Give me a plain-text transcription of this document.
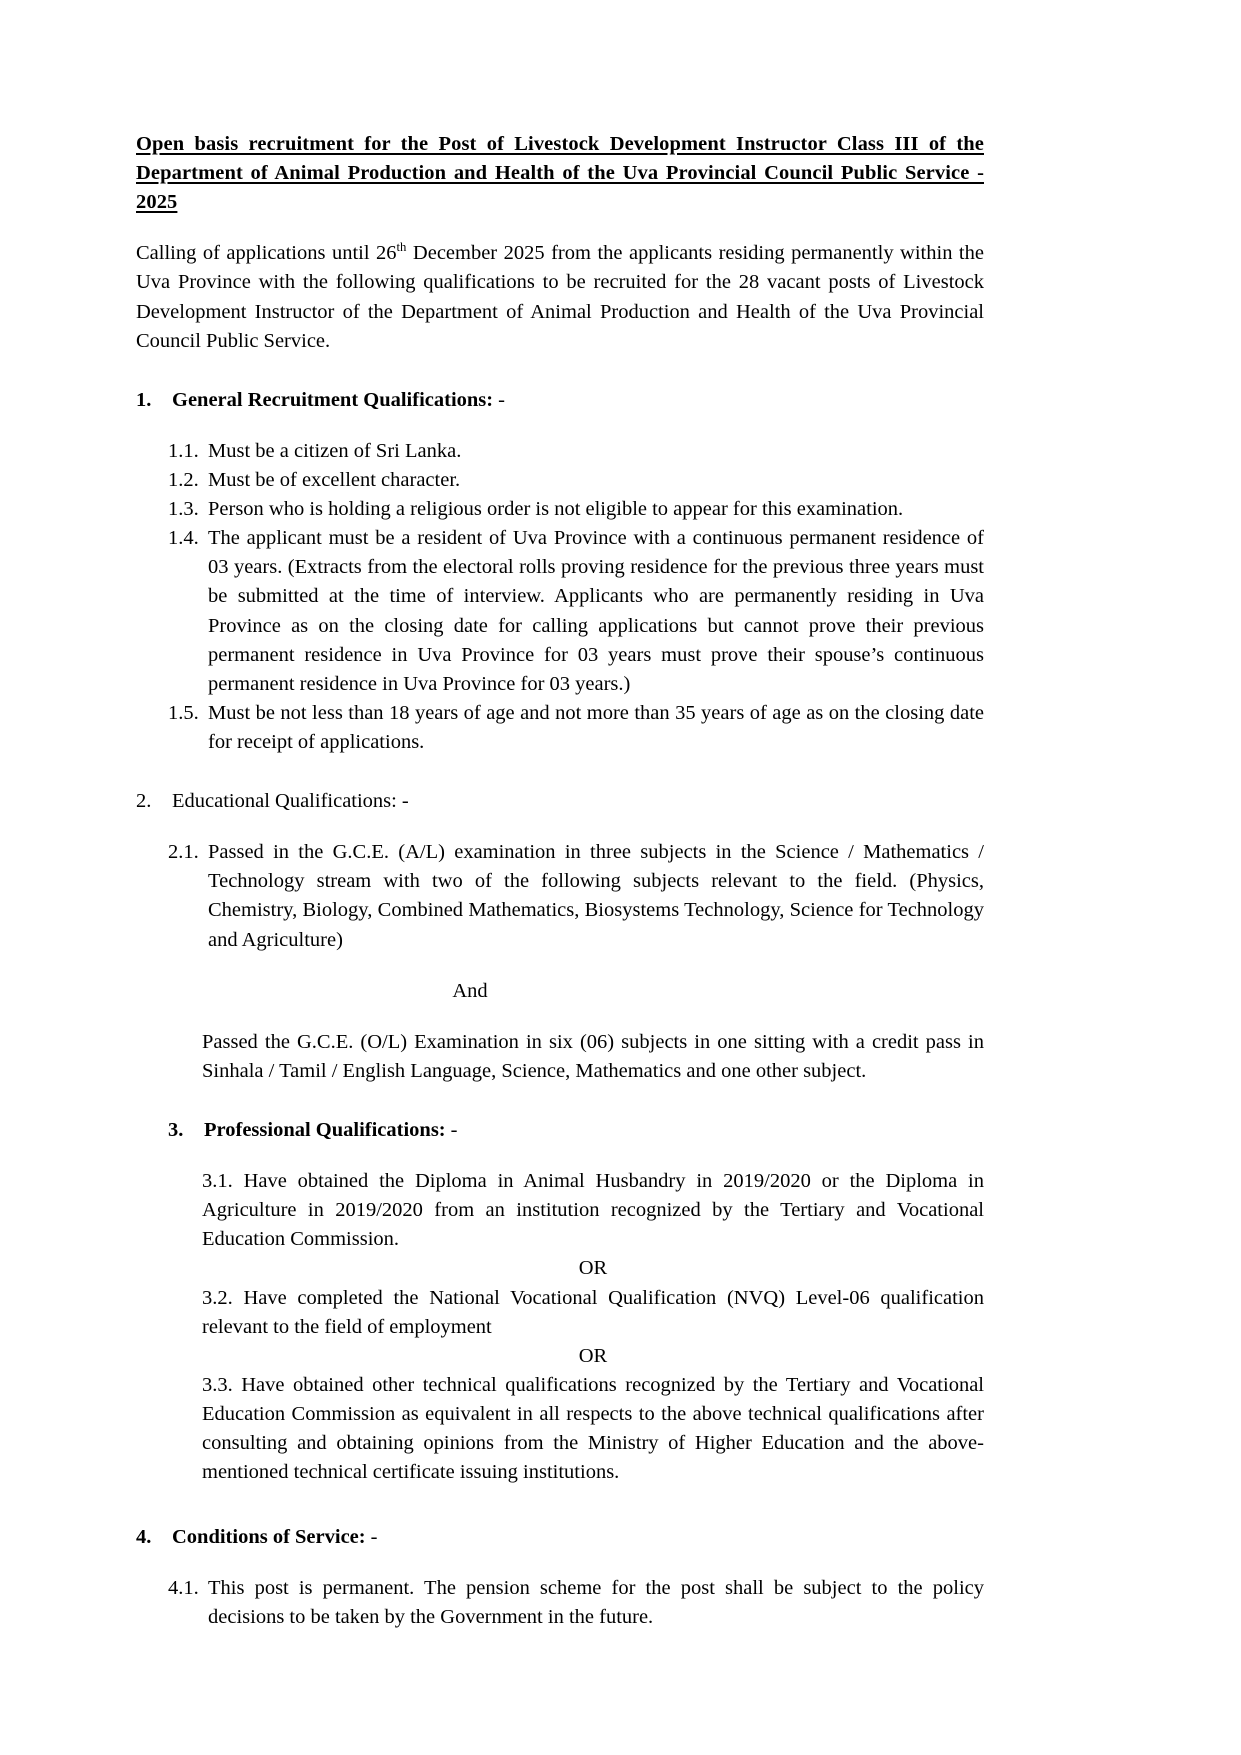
Open basis recruitment for the Post of Livestock Development Instructor Class III of the Department of Animal Production and Health of the Uva Provincial Council Public Service - 2025

Calling of applications until 26th December 2025 from the applicants residing permanently within the Uva Province with the following qualifications to be recruited for the 28 vacant posts of Livestock Development Instructor of the Department of Animal Production and Health of the Uva Provincial Council Public Service.

1.	General Recruitment Qualifications: -
1.1. Must be a citizen of Sri Lanka.
1.2. Must be of excellent character.
1.3. Person who is holding a religious order is not eligible to appear for this examination.
1.4. The applicant must be a resident of Uva Province with a continuous permanent residence of 03 years. (Extracts from the electoral rolls proving residence for the previous three years must be submitted at the time of interview. Applicants who are permanently residing in Uva Province as on the closing date for calling applications but cannot prove their previous permanent residence in Uva Province for 03 years must prove their spouse’s continuous permanent residence in Uva Province for 03 years.)
1.5. Must be not less than 18 years of age and not more than 35 years of age as on the closing date for receipt of applications.
2.	Educational Qualifications: -
2.1. Passed in the G.C.E. (A/L) examination in three subjects in the Science / Mathematics / Technology stream with two of the following subjects relevant to the field. (Physics, Chemistry, Biology, Combined Mathematics, Biosystems Technology, Science for Technology and Agriculture)

And

Passed the G.C.E. (O/L) Examination in six (06) subjects in one sitting with a credit pass in Sinhala / Tamil / English Language, Science, Mathematics and one other subject.

3.	Professional Qualifications: -

3.1. Have obtained the Diploma in Animal Husbandry in 2019/2020 or the Diploma in Agriculture in 2019/2020 from an institution recognized by the Tertiary and Vocational Education Commission.

OR

3.2. Have completed the National Vocational Qualification (NVQ) Level-06 qualification relevant to the field of employment

OR

3.3. Have obtained other technical qualifications recognized by the Tertiary and Vocational Education Commission as equivalent in all respects to the above technical qualifications after consulting and obtaining opinions from the Ministry of Higher Education and the above-mentioned technical certificate issuing institutions.

4.	Conditions of Service: -
4.1. This post is permanent. The pension scheme for the post shall be subject to the policy decisions to be taken by the Government in the future.
